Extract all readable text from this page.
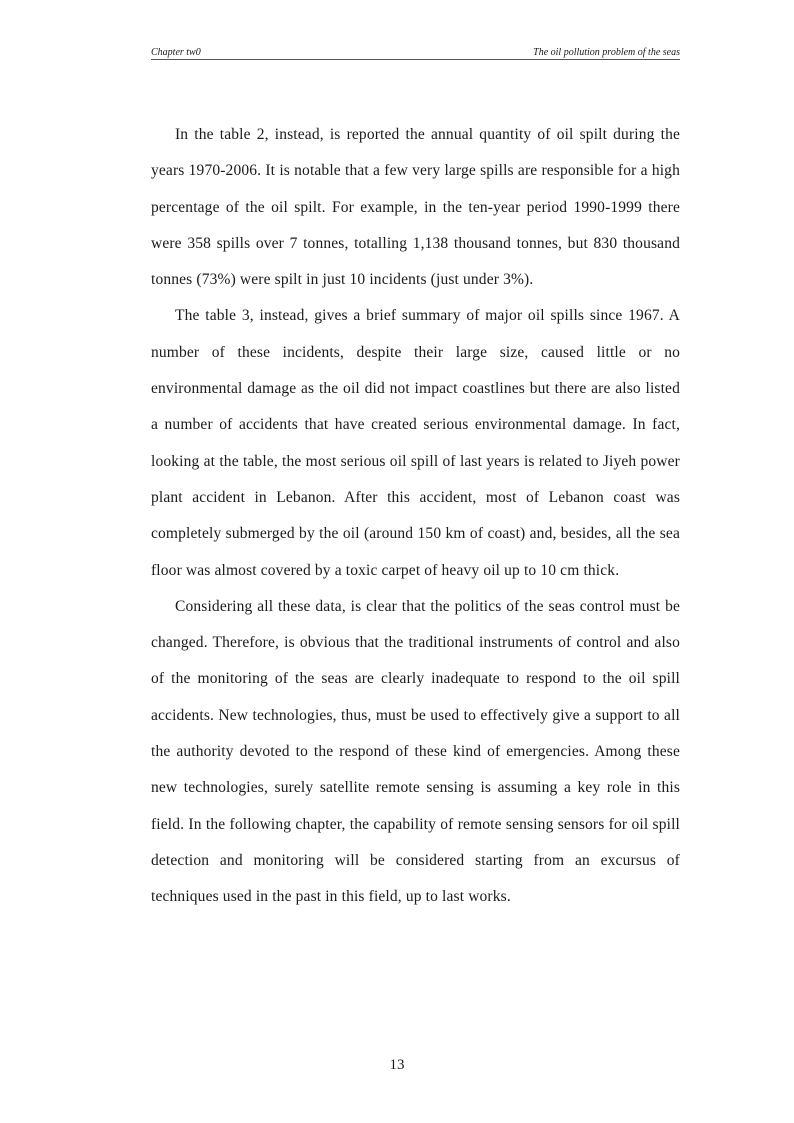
Chapter tw0	The oil pollution problem of the seas

In the table 2, instead, is reported the annual quantity of oil spilt during the years 1970-2006. It is notable that a few very large spills are responsible for a high percentage of the oil spilt. For example, in the ten-year period 1990-1999 there were 358 spills over 7 tonnes, totalling 1,138 thousand tonnes, but 830 thousand tonnes (73%) were spilt in just 10 incidents (just under 3%).

The table 3, instead, gives a brief summary of major oil spills since 1967. A number of these incidents, despite their large size, caused little or no environmental damage as the oil did not impact coastlines but there are also listed a number of accidents that have created serious environmental damage. In fact, looking at the table, the most serious oil spill of last years is related to Jiyeh power plant accident in Lebanon. After this accident, most of Lebanon coast was completely submerged by the oil (around 150 km of coast) and, besides, all the sea floor was almost covered by a toxic carpet of heavy oil up to 10 cm thick.

Considering all these data, is clear that the politics of the seas control must be changed. Therefore, is obvious that the traditional instruments of control and also of the monitoring of the seas are clearly inadequate to respond to the oil spill accidents. New technologies, thus, must be used to effectively give a support to all the authority devoted to the respond of these kind of emergencies. Among these new technologies, surely satellite remote sensing is assuming a key role in this field. In the following chapter, the capability of remote sensing sensors for oil spill detection and monitoring will be considered starting from an excursus of techniques used in the past in this field, up to last works.

13
